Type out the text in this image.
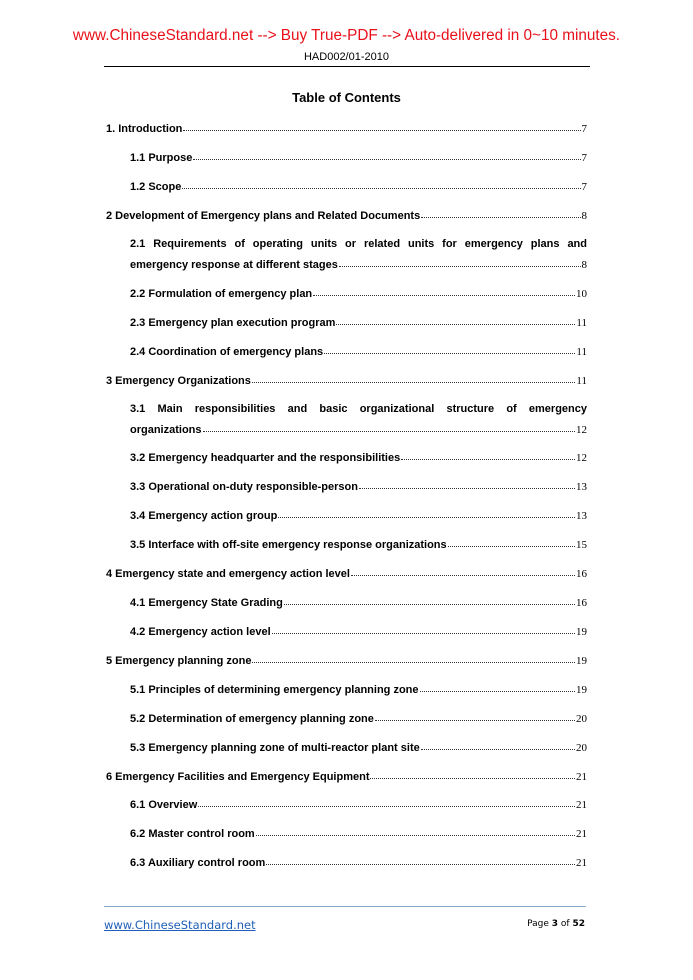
www.ChineseStandard.net --> Buy True-PDF --> Auto-delivered in 0~10 minutes.
HAD002/01-2010
Table of Contents
1. Introduction	7
1.1 Purpose	7
1.2 Scope	7
2 Development of Emergency plans and Related Documents	8
2.1 Requirements of operating units or related units for emergency plans and
emergency response at different stages	8
2.2 Formulation of emergency plan	10
2.3 Emergency plan execution program	11
2.4 Coordination of emergency plans	11
3 Emergency Organizations	11
3.1 Main responsibilities and basic organizational structure of emergency
organizations	12
3.2 Emergency headquarter and the responsibilities	12
3.3 Operational on-duty responsible-person	13
3.4 Emergency action group	13
3.5 Interface with off-site emergency response organizations	15
4 Emergency state and emergency action level	16
4.1 Emergency State Grading	16
4.2 Emergency action level	19
5 Emergency planning zone	19
5.1 Principles of determining emergency planning zone	19
5.2 Determination of emergency planning zone	20
5.3 Emergency planning zone of multi-reactor plant site	20
6 Emergency Facilities and Emergency Equipment	21
6.1 Overview	21
6.2 Master control room	21
6.3 Auxiliary control room	21
www.ChineseStandard.net	Page 3 of 52
